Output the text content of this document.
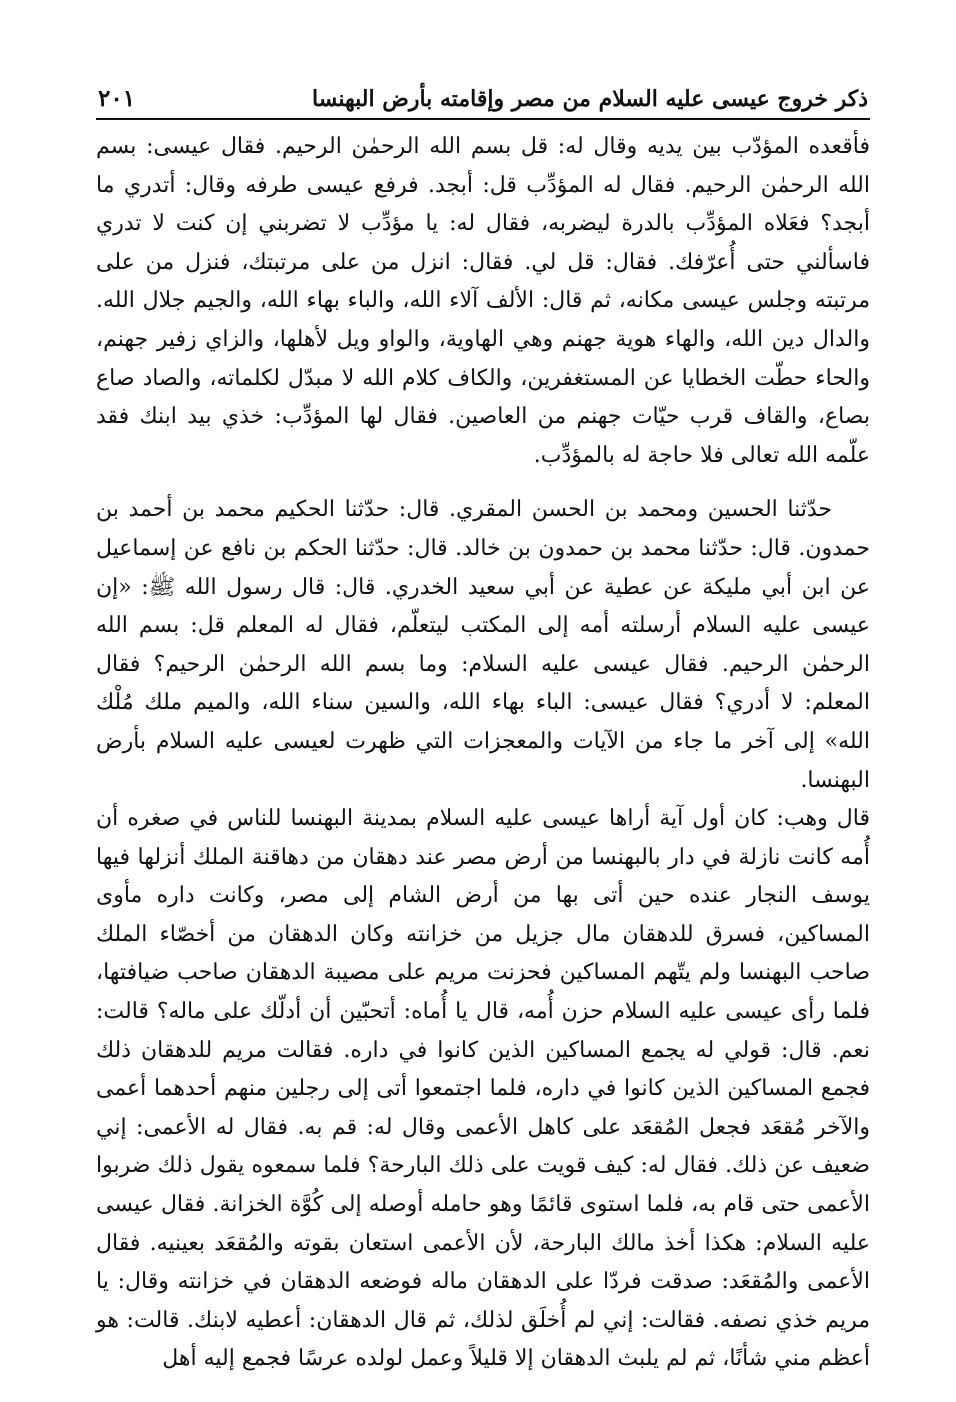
ذكر خروج عيسى عليه السلام من مصر وإقامته بأرض البهنسا
٢٠١

فأقعده المؤدّب بين يديه وقال له: قل بسم الله الرحمٰن الرحيم. فقال عيسى: بسم الله الرحمٰن الرحيم. فقال له المؤدِّب قل: أبجد. فرفع عيسى طرفه وقال: أتدري ما أبجد؟ فعَلاه المؤدِّب بالدرة ليضربه، فقال له: يا مؤدِّب لا تضربني إن كنت لا تدري فاسألني حتى أُعرّفك. فقال: قل لي. فقال: انزل من على مرتبتك، فنزل من على مرتبته وجلس عيسى مكانه، ثم قال: الألف آلاء الله، والباء بهاء الله، والجيم جلال الله. والدال دين الله، والهاء هوية جهنم وهي الهاوية، والواو ويل لأهلها، والزاي زفير جهنم، والحاء حطّت الخطايا عن المستغفرين، والكاف كلام الله لا مبدّل لكلماته، والصاد صاع بصاع، والقاف قرب حيّات جهنم من العاصين. فقال لها المؤدِّب: خذي بيد ابنك فقد علّمه الله تعالى فلا حاجة له بالمؤدِّب.

حدّثنا الحسين ومحمد بن الحسن المقري. قال: حدّثنا الحكيم محمد بن أحمد بن حمدون. قال: حدّثنا محمد بن حمدون بن خالد. قال: حدّثنا الحكم بن نافع عن إسماعيل عن ابن أبي مليكة عن عطية عن أبي سعيد الخدري. قال: قال رسول الله ﷺ: «إن عيسى عليه السلام أرسلته أمه إلى المكتب ليتعلّم، فقال له المعلم قل: بسم الله الرحمٰن الرحيم. فقال عيسى عليه السلام: وما بسم الله الرحمٰن الرحيم؟ فقال المعلم: لا أدري؟ فقال عيسى: الباء بهاء الله، والسين سناء الله، والميم ملك مُلْك الله» إلى آخر ما جاء من الآيات والمعجزات التي ظهرت لعيسى عليه السلام بأرض البهنسا.

قال وهب: كان أول آية أراها عيسى عليه السلام بمدينة البهنسا للناس في صغره أن أُمه كانت نازلة في دار بالبهنسا من أرض مصر عند دهقان من دهاقنة الملك أنزلها فيها يوسف النجار عنده حين أتى بها من أرض الشام إلى مصر، وكانت داره مأوى المساكين، فسرق للدهقان مال جزيل من خزانته وكان الدهقان من أخصّاء الملك صاحب البهنسا ولم يتّهم المساكين فحزنت مريم على مصيبة الدهقان صاحب ضيافتها، فلما رأى عيسى عليه السلام حزن أُمه، قال يا أُماه: أتحبّين أن أدلّك على ماله؟ قالت: نعم. قال: قولي له يجمع المساكين الذين كانوا في داره. فقالت مريم للدهقان ذلك فجمع المساكين الذين كانوا في داره، فلما اجتمعوا أتى إلى رجلين منهم أحدهما أعمى والآخر مُقعَد فجعل المُقعَد على كاهل الأعمى وقال له: قم به. فقال له الأعمى: إني ضعيف عن ذلك. فقال له: كيف قويت على ذلك البارحة؟ فلما سمعوه يقول ذلك ضربوا الأعمى حتى قام به، فلما استوى قائمًا وهو حامله أوصله إلى كُوَّة الخزانة. فقال عيسى عليه السلام: هكذا أخذ مالك البارحة، لأن الأعمى استعان بقوته والمُقعَد بعينيه. فقال الأعمى والمُقعَد: صدقت فردّا على الدهقان ماله فوضعه الدهقان في خزانته وقال: يا مريم خذي نصفه. فقالت: إني لم أُخلَق لذلك، ثم قال الدهقان: أعطيه لابنك. قالت: هو أعظم مني شأنًا، ثم لم يلبث الدهقان إلا قليلاً وعمل لولده عرسًا فجمع إليه أهل
